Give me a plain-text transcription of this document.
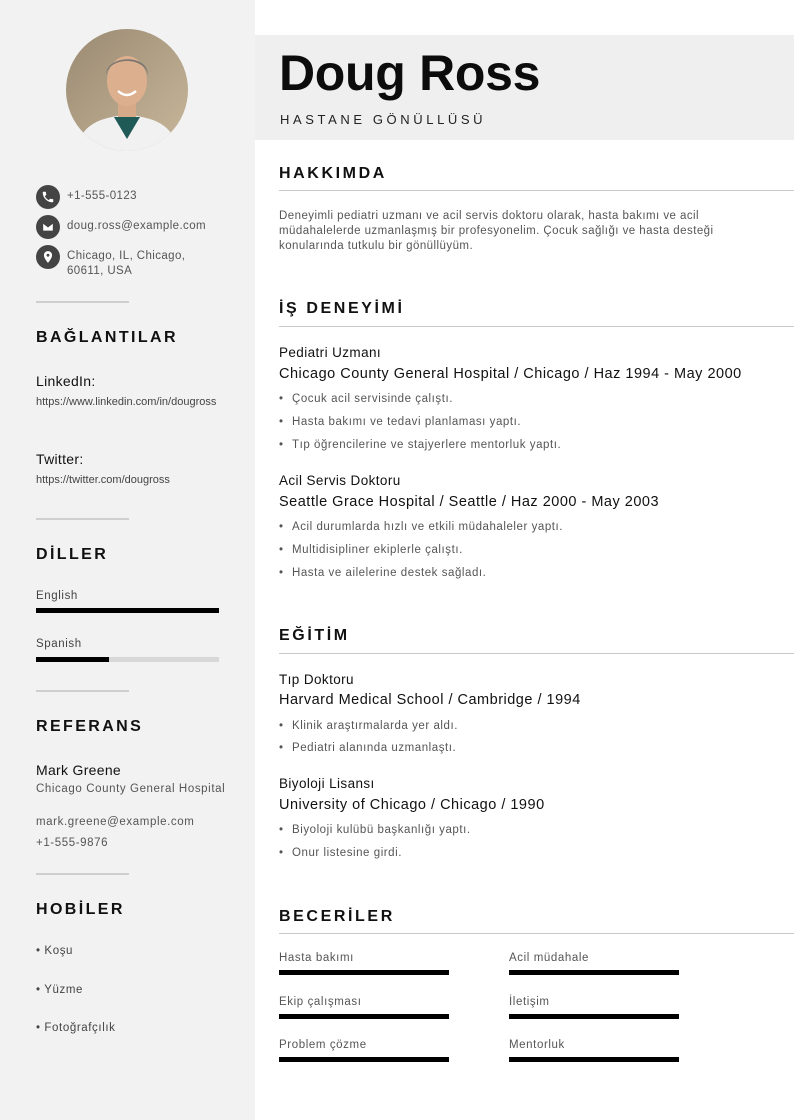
+1-555-0123
doug.ross@example.com
Chicago, IL, Chicago, 60611, USA
BAĞLANTILAR
LinkedIn:
https://www.linkedin.com/in/dougross
Twitter:
https://twitter.com/dougross
DİLLER
English
Spanish
REFERANS
Mark Greene
Chicago County General Hospital
mark.greene@example.com
+1-555-9876
HOBİLER
• Koşu
• Yüzme
• Fotoğrafçılık
Doug Ross
HASTANE GÖNÜLLÜSÜ
HAKKIMDA
Deneyimli pediatri uzmanı ve acil servis doktoru olarak, hasta bakımı ve acil müdahalelerde uzmanlaşmış bir profesyonelim. Çocuk sağlığı ve hasta desteği konularında tutkulu bir gönüllüyüm.
İŞ DENEYİMİ
Pediatri Uzmanı
Chicago County General Hospital / Chicago / Haz 1994 - May 2000
• Çocuk acil servisinde çalıştı.
• Hasta bakımı ve tedavi planlaması yaptı.
• Tıp öğrencilerine ve stajyerlere mentorluk yaptı.
Acil Servis Doktoru
Seattle Grace Hospital / Seattle / Haz 2000 - May 2003
• Acil durumlarda hızlı ve etkili müdahaleler yaptı.
• Multidisipliner ekiplerle çalıştı.
• Hasta ve ailelerine destek sağladı.
EĞİTİM
Tıp Doktoru
Harvard Medical School / Cambridge / 1994
• Klinik araştırmalarda yer aldı.
• Pediatri alanında uzmanlaştı.
Biyoloji Lisansı
University of Chicago / Chicago / 1990
• Biyoloji kulübü başkanlığı yaptı.
• Onur listesine girdi.
BECERİLER
Hasta bakımı	Acil müdahale
Ekip çalışması	İletişim
Problem çözme	Mentorluk
